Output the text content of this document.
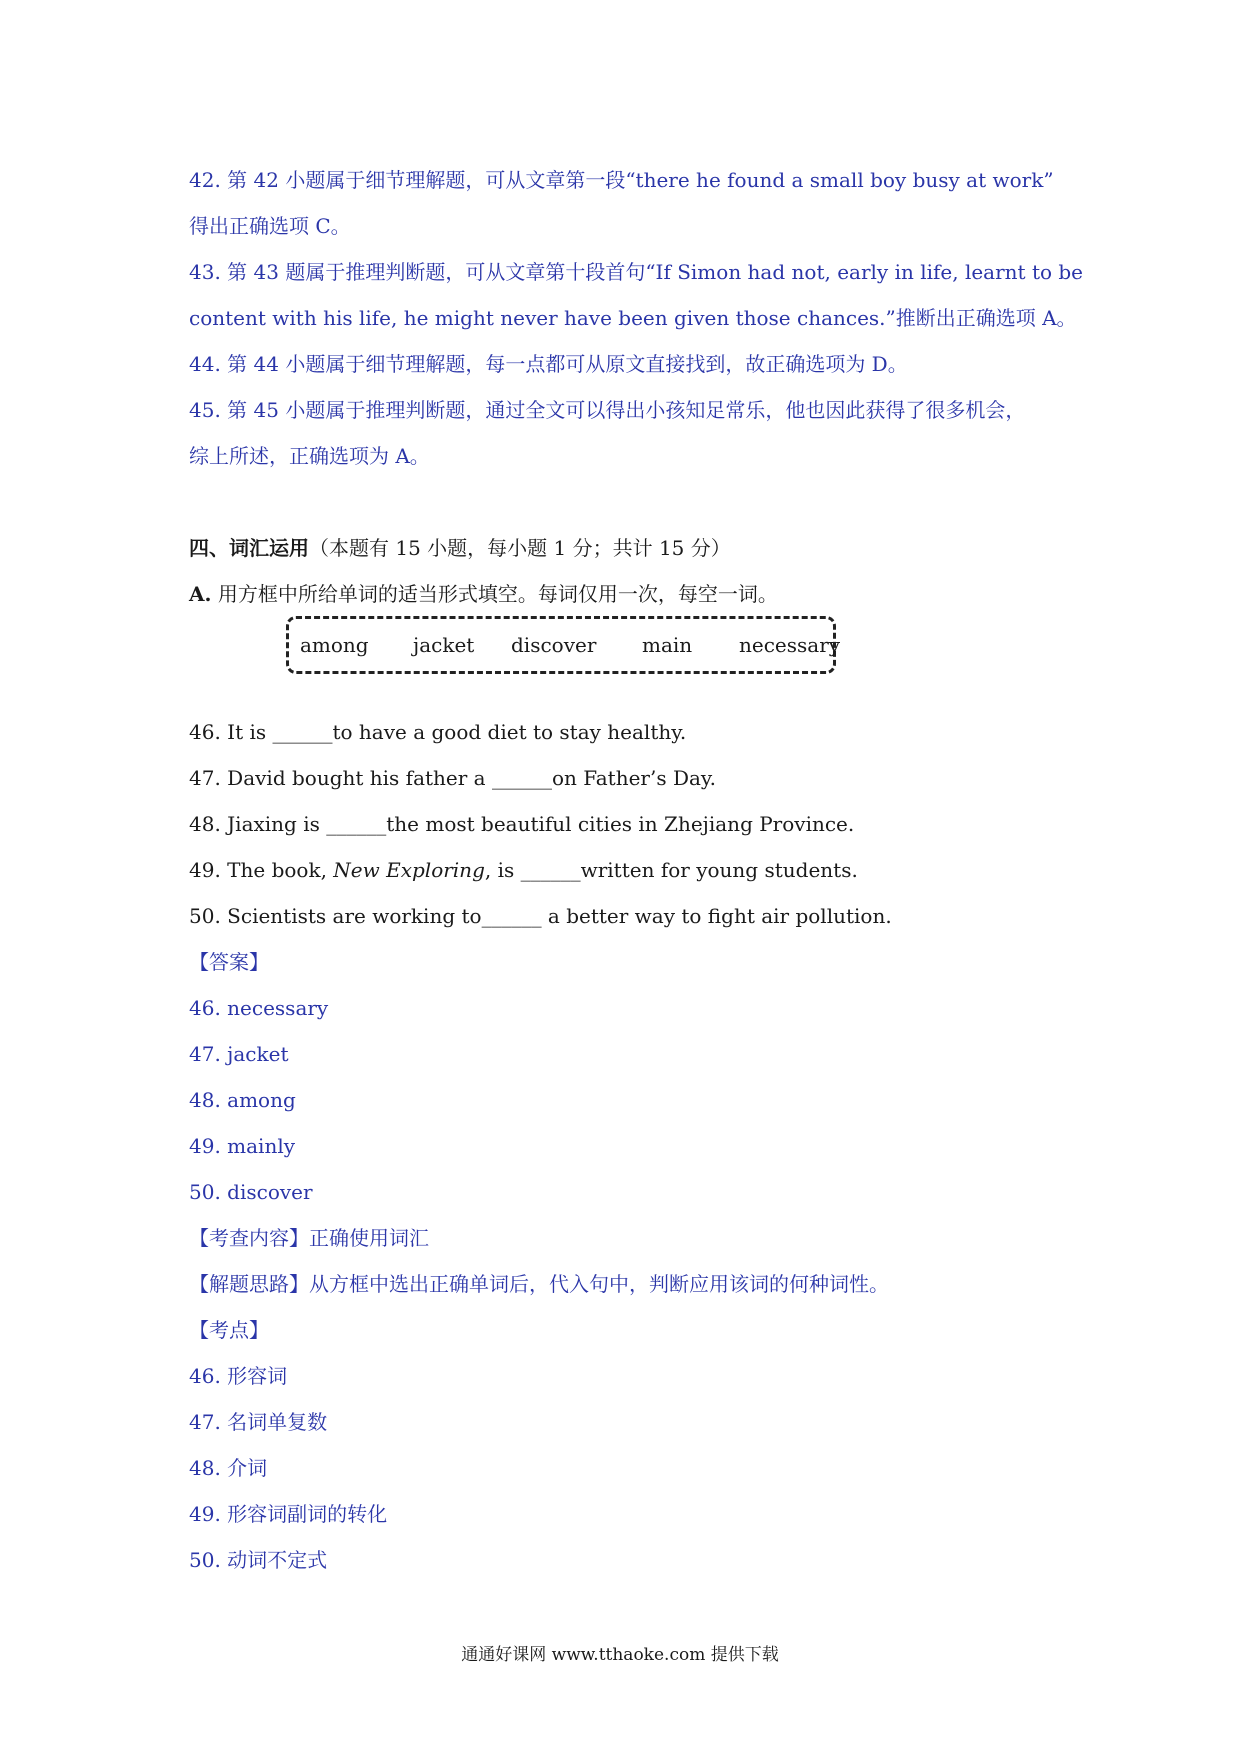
42. 第 42 小题属于细节理解题，可从文章第一段“there he found a small boy busy at work”
得出正确选项 C。
43. 第 43 题属于推理判断题，可从文章第十段首句“If Simon had not, early in life, learnt to be
content with his life, he might never have been given those chances.”推断出正确选项 A。
44. 第 44 小题属于细节理解题，每一点都可从原文直接找到，故正确选项为 D。
45. 第 45 小题属于推理判断题，通过全文可以得出小孩知足常乐，他也因此获得了很多机会，
综上所述，正确选项为 A。
四、词汇运用（本题有 15 小题，每小题 1 分；共计 15 分）
A. 用方框中所给单词的适当形式填空。每词仅用一次，每空一词。
among jacket discover main necessary
46. It is ______to have a good diet to stay healthy.
47. David bought his father a ______on Father’s Day.
48. Jiaxing is ______the most beautiful cities in Zhejiang Province.
49. The book, New Exploring, is ______written for young students.
50. Scientists are working to______ a better way to fight air pollution.
【答案】
46. necessary
47. jacket
48. among
49. mainly
50. discover
【考查内容】正确使用词汇
【解题思路】从方框中选出正确单词后，代入句中，判断应用该词的何种词性。
【考点】
46. 形容词
47. 名词单复数
48. 介词
49. 形容词副词的转化
50. 动词不定式
通通好课网 www.tthaoke.com 提供下载
